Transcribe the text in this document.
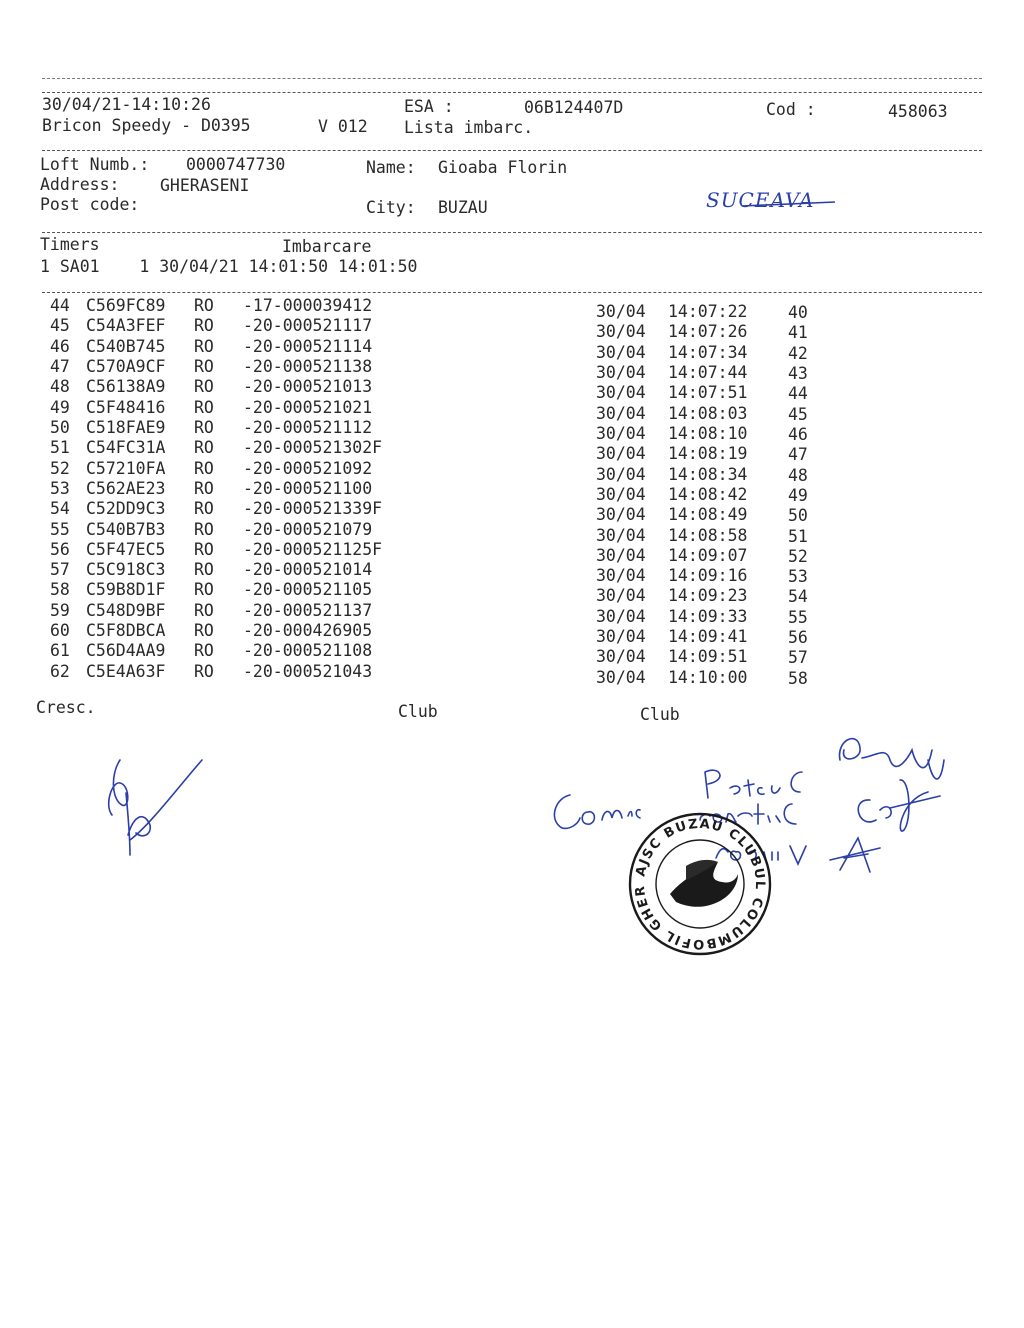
30/04/21-14:10:26	ESA :	06B124407D	Cod :	458063
Bricon Speedy - D0395	V 012 Lista imbarc.
Loft Numb.: 0000747730	Name: Gioaba Florin
Address: GHERASENI
Post code:	City: BUZAU	SUCEAVA
Timers	Imbarcare
1 SA01    1 30/04/21 14:01:50 14:01:50
44 C569FC89 RO -17-000039412	30/04 14:07:22 40
45 C54A3FEF RO -20-000521117	30/04 14:07:26 41
46 C540B745 RO -20-000521114	30/04 14:07:34 42
47 C570A9CF RO -20-000521138	30/04 14:07:44 43
48 C56138A9 RO -20-000521013	30/04 14:07:51 44
49 C5F48416 RO -20-000521021	30/04 14:08:03 45
50 C518FAE9 RO -20-000521112	30/04 14:08:10 46
51 C54FC31A RO -20-000521302F	30/04 14:08:19 47
52 C57210FA RO -20-000521092	30/04 14:08:34 48
53 C562AE23 RO -20-000521100	30/04 14:08:42 49
54 C52DD9C3 RO -20-000521339F	30/04 14:08:49 50
55 C540B7B3 RO -20-000521079	30/04 14:08:58 51
56 C5F47EC5 RO -20-000521125F	30/04 14:09:07 52
57 C5C918C3 RO -20-000521014	30/04 14:09:16 53
58 C59B8D1F RO -20-000521105	30/04 14:09:23 54
59 C548D9BF RO -20-000521137	30/04 14:09:33 55
60 C5F8DBCA RO -20-000426905	30/04 14:09:41 56
61 C56D4AA9 RO -20-000521108	30/04 14:09:51 57
62 C5E4A63F RO -20-000521043	30/04 14:10:00 58
Cresc.	Club	Club
AJSC BUZAU CLUBUL COLUMBOFIL GHER
